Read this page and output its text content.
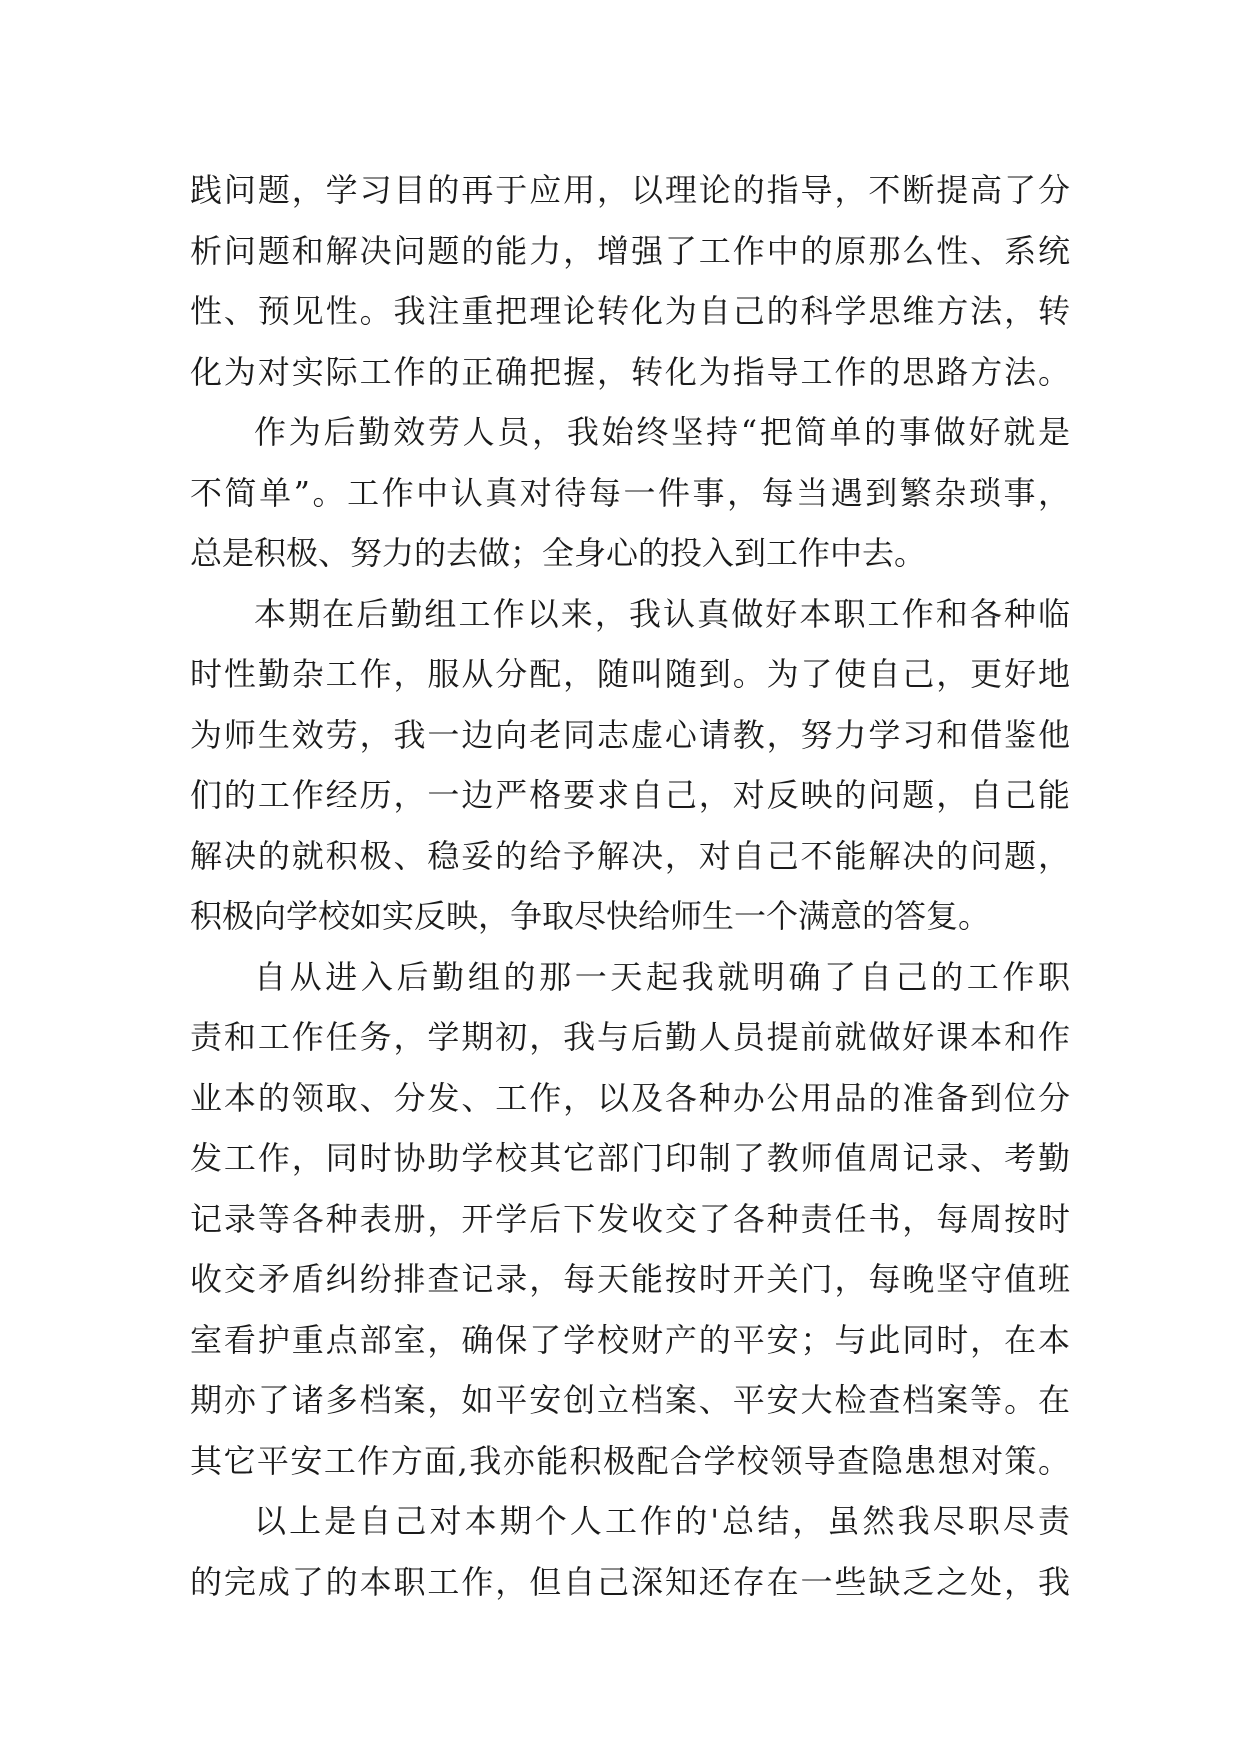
践问题，学习目的再于应用，以理论的指导，不断提高了分
析问题和解决问题的能力，增强了工作中的原那么性、系统
性、预见性。我注重把理论转化为自己的科学思维方法，转
化为对实际工作的正确把握，转化为指导工作的思路方法。
作为后勤效劳人员，我始终坚持“把简单的事做好就是
不简单”。工作中认真对待每一件事，每当遇到繁杂琐事，
总是积极、努力的去做；全身心的投入到工作中去。
本期在后勤组工作以来，我认真做好本职工作和各种临
时性勤杂工作，服从分配，随叫随到。为了使自己，更好地
为师生效劳，我一边向老同志虚心请教，努力学习和借鉴他
们的工作经历，一边严格要求自己，对反映的问题，自己能
解决的就积极、稳妥的给予解决，对自己不能解决的问题，
积极向学校如实反映，争取尽快给师生一个满意的答复。
自从进入后勤组的那一天起我就明确了自己的工作职
责和工作任务，学期初，我与后勤人员提前就做好课本和作
业本的领取、分发、工作，以及各种办公用品的准备到位分
发工作，同时协助学校其它部门印制了教师值周记录、考勤
记录等各种表册，开学后下发收交了各种责任书，每周按时
收交矛盾纠纷排查记录，每天能按时开关门，每晚坚守值班
室看护重点部室，确保了学校财产的平安；与此同时，在本
期亦了诸多档案，如平安创立档案、平安大检查档案等。在
其它平安工作方面,我亦能积极配合学校领导查隐患想对策。
以上是自己对本期个人工作的'总结，虽然我尽职尽责
的完成了的本职工作，但自己深知还存在一些缺乏之处，我
